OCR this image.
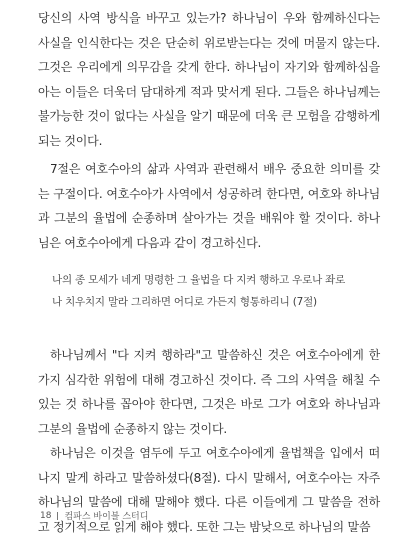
당신의 사역 방식을 바꾸고 있는가? 하나님이 우와 함께하신다는 사실을 인식한다는 것은 단순히 위로받는다는 것에 머물지 않는다. 그것은 우리에게 의무감을 갖게 한다. 하나님이 자기와 함께하심을 아는 이들은 더욱더 담대하게 적과 맞서게 된다. 그들은 하나님께는 불가능한 것이 없다는 사실을 알기 때문에 더욱 큰 모험을 감행하게 되는 것이다.

7절은 여호수아의 삶과 사역과 관련해서 배우 중요한 의미를 갖는 구절이다. 여호수아가 사역에서 성공하려 한다면, 여호와 하나님과 그분의 율법에 순종하며 살아가는 것을 배워야 할 것이다. 하나님은 여호수아에게 다음과 같이 경고하신다.

나의 종 모세가 네게 명령한 그 율법을 다 지켜 행하고 우로나 좌로
나 치우치지 말라 그리하면 어디로 가든지 형통하리니 (7절)

하나님께서 "다 지켜 행하라"고 말씀하신 것은 여호수아에게 한 가지 심각한 위험에 대해 경고하신 것이다. 즉 그의 사역을 해칠 수 있는 것 하나를 꼽아야 한다면, 그것은 바로 그가 여호와 하나님과 그분의 율법에 순종하지 않는 것이다.

하나님은 이것을 염두에 두고 여호수아에게 율법책을 입에서 떠나지 말게 하라고 말씀하셨다(8절). 다시 말해서, 여호수아는 자주 하나님의 말씀에 대해 말해야 했다. 다른 이들에게 그 말씀을 전하고 정기적으로 읽게 해야 했다. 또한 그는 밤낮으로 하나님의 말씀

18 컴파스 바이블 스터디
